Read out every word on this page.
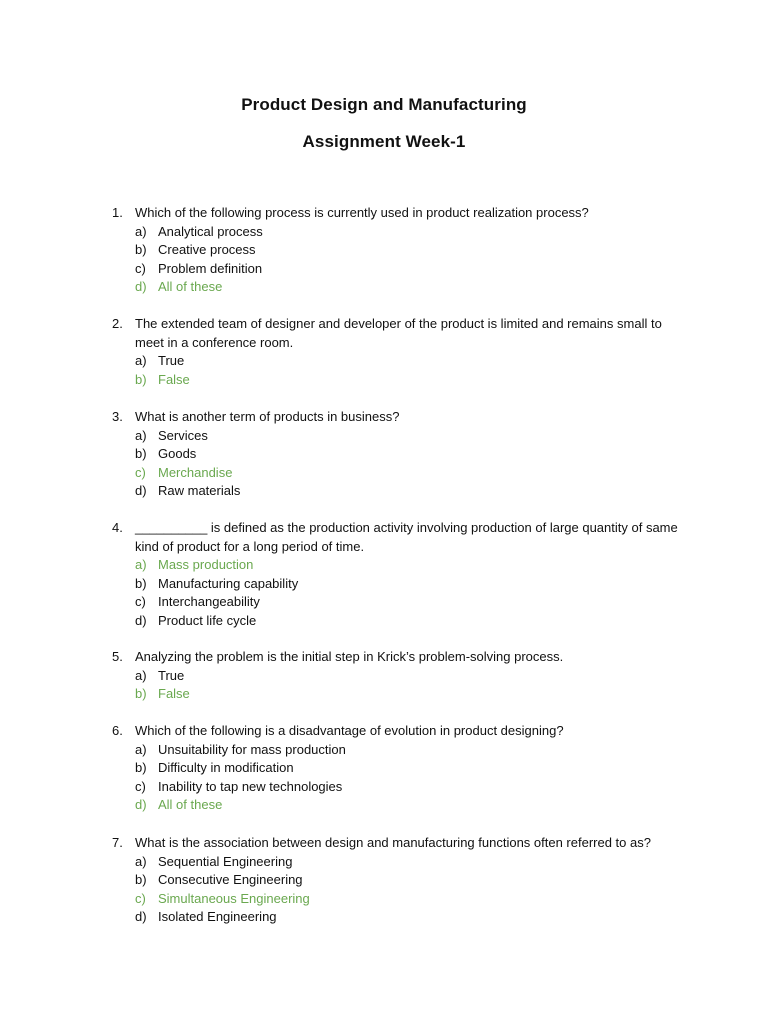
Product Design and Manufacturing
Assignment Week-1
1. Which of the following process is currently used in product realization process?
a) Analytical process
b) Creative process
c) Problem definition
d) All of these
2. The extended team of designer and developer of the product is limited and remains small to meet in a conference room.
a) True
b) False
3. What is another term of products in business?
a) Services
b) Goods
c) Merchandise
d) Raw materials
4. __________ is defined as the production activity involving production of large quantity of same kind of product for a long period of time.
a) Mass production
b) Manufacturing capability
c) Interchangeability
d) Product life cycle
5. Analyzing the problem is the initial step in Krick’s problem-solving process.
a) True
b) False
6. Which of the following is a disadvantage of evolution in product designing?
a) Unsuitability for mass production
b) Difficulty in modification
c) Inability to tap new technologies
d) All of these
7. What is the association between design and manufacturing functions often referred to as?
a) Sequential Engineering
b) Consecutive Engineering
c) Simultaneous Engineering
d) Isolated Engineering
